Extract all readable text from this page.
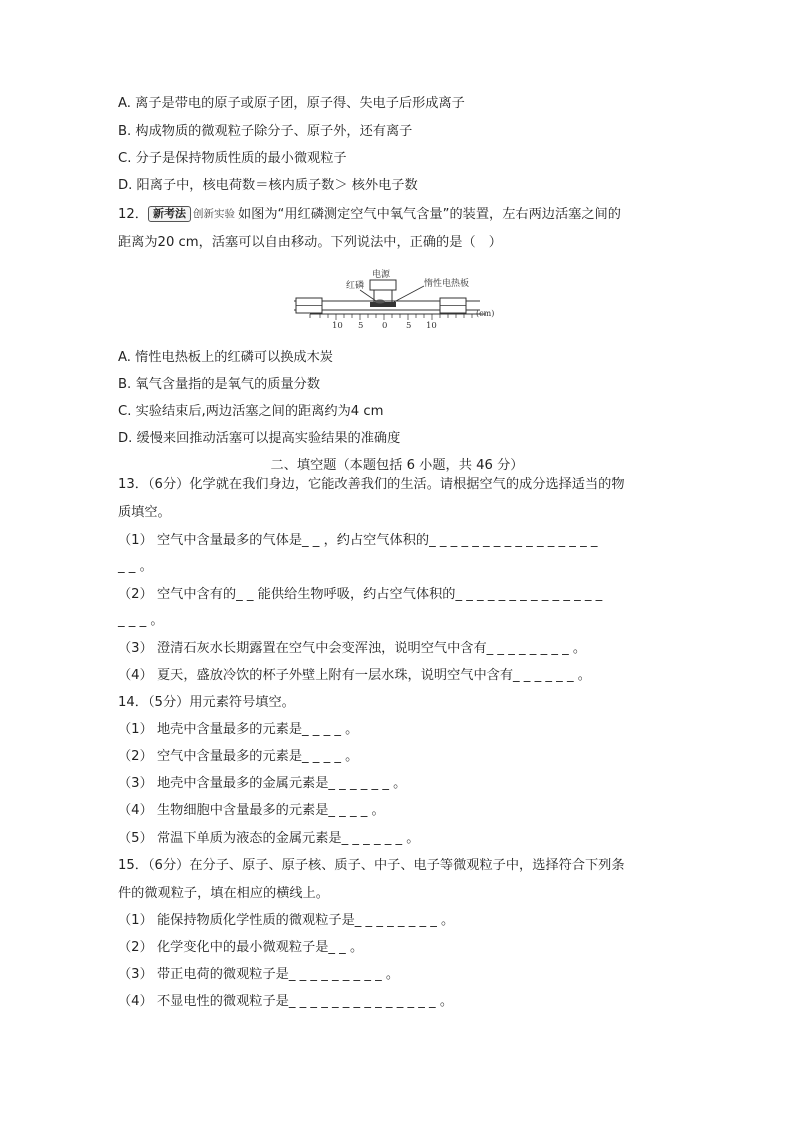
A. 离子是带电的原子或原子团，原子得、失电子后形成离子
B. 构成物质的微观粒子除分子、原子外，还有离子
C. 分子是保持物质性质的最小微观粒子
D. 阳离子中，核电荷数＝核内质子数＞ 核外电子数
12． 新考法 创新实验 如图为“用红磷测定空气中氧气含量”的装置，左右两边活塞之间的
距离为20 cm，活塞可以自由移动。下列说法中，正确的是（　）
电源
红磷	惰性电热板
(cm)
10 5 0 5 10
A. 惰性电热板上的红磷可以换成木炭
B. 氧气含量指的是氧气的质量分数
C. 实验结束后,两边活塞之间的距离约为4 cm
D. 缓慢来回推动活塞可以提高实验结果的准确度
二、填空题（本题包括 6 小题，共 46 分）
13．（6分）化学就在我们身边，它能改善我们的生活。请根据空气的成分选择适当的物
质填空。
（1） 空气中含量最多的气体是_ _ ，约占空气体积的_ _ _ _ _ _ _ _ _ _ _ _ _ _ _ _
_ _ 。
（2） 空气中含有的_ _ 能供给生物呼吸，约占空气体积的_ _ _ _ _ _ _ _ _ _ _ _ _ _
_ _ _ 。
（3） 澄清石灰水长期露置在空气中会变浑浊，说明空气中含有_ _ _ _ _ _ _ _ 。
（4） 夏天，盛放冷饮的杯子外壁上附有一层水珠，说明空气中含有_ _ _ _ _ _ 。
14．（5分）用元素符号填空。
（1） 地壳中含量最多的元素是_ _ _ _ 。
（2） 空气中含量最多的元素是_ _ _ _ 。
（3） 地壳中含量最多的金属元素是_ _ _ _ _ _ 。
（4） 生物细胞中含量最多的元素是_ _ _ _ 。
（5） 常温下单质为液态的金属元素是_ _ _ _ _ _ 。
15．（6分）在分子、原子、原子核、质子、中子、电子等微观粒子中，选择符合下列条
件的微观粒子，填在相应的横线上。
（1） 能保持物质化学性质的微观粒子是_ _ _ _ _ _ _ _ 。
（2） 化学变化中的最小微观粒子是_ _ 。
（3） 带正电荷的微观粒子是_ _ _ _ _ _ _ _ _ 。
（4） 不显电性的微观粒子是_ _ _ _ _ _ _ _ _ _ _ _ _ _ 。
